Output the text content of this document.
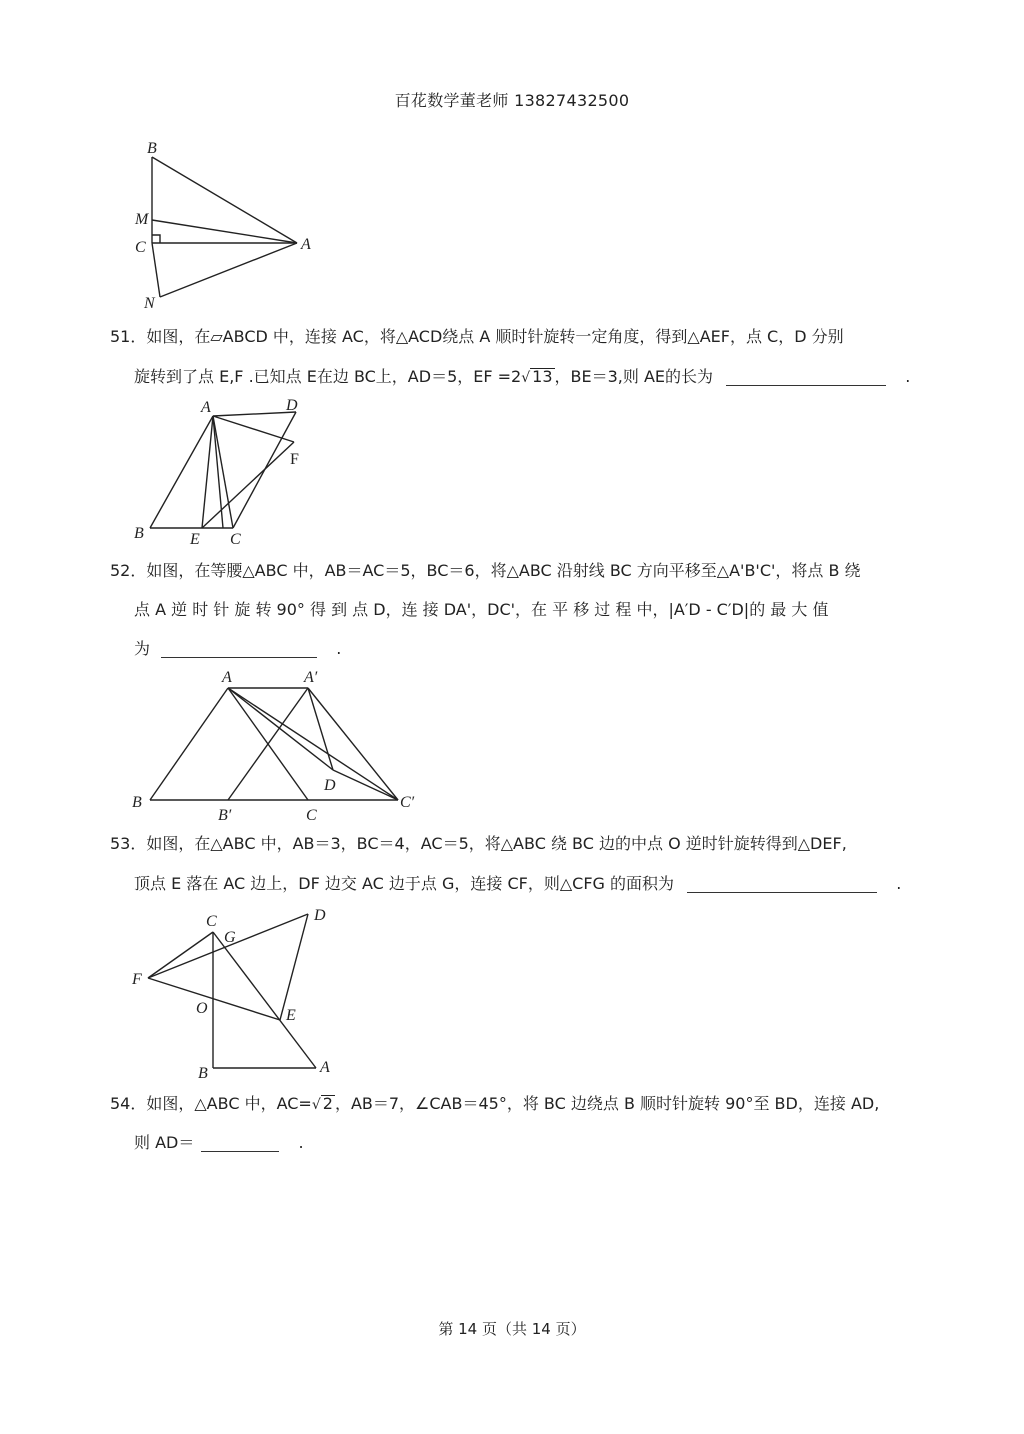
百花数学董老师 13827432500
B
M
C	A
N
51．如图，在▱ABCD 中，连接 AC，将△ACD绕点 A 顺时针旋转一定角度，得到△AEF，点 C，D 分别
旋转到了点 E,F .已知点 E在边 BC上，AD＝5，EF =2√ 13 ，BE＝3,则 AE的长为	.
A	D
F
B	E C
52．如图，在等腰△ABC 中，AB＝AC＝5，BC＝6，将△ABC 沿射线 BC 方向平移至△A'B'C'，将点 B 绕
点 A 逆 时 针 旋 转 90° 得 到 点 D，连 接 DA'，DC'，在 平 移 过 程 中，|A′D - C′D|的 最 大 值
为	.
A	A′
D
B
B′	C
C′
53．如图，在△ABC 中，AB＝3，BC＝4，AC＝5，将△ABC 绕 BC 边的中点 O 逆时针旋转得到△DEF,
顶点 E 落在 AC 边上，DF 边交 AC 边于点 G，连接 CF，则△CFG 的面积为	.
C
G
D
F
O	E
B	A
54．如图，△ABC 中，AC=√ 2 ，AB＝7，∠CAB＝45°，将 BC 边绕点 B 顺时针旋转 90°至 BD，连接 AD,
则 AD＝	.
第 14 页（共 14 页）
